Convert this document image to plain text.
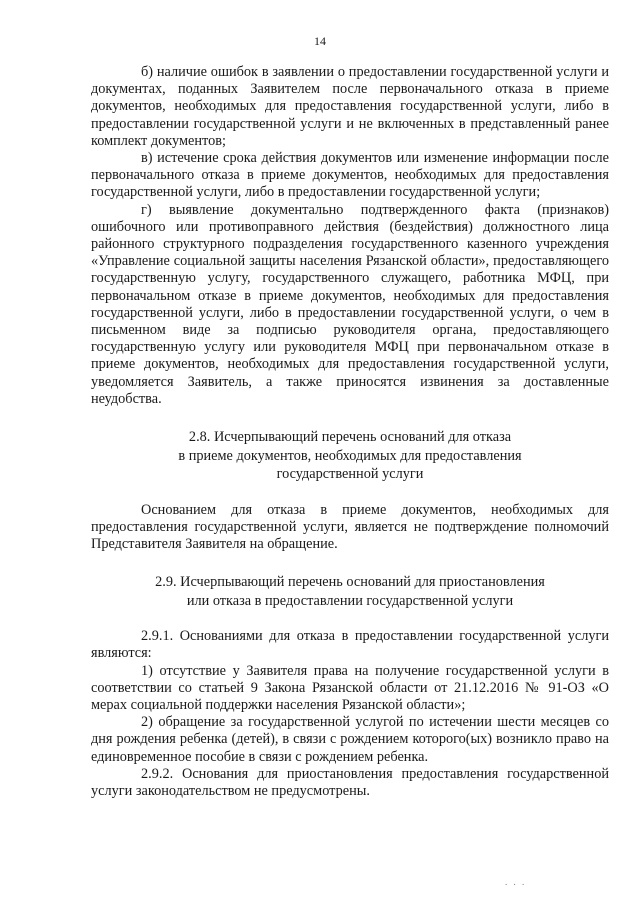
14

б) наличие ошибок в заявлении о предоставлении государственной услуги и документах, поданных Заявителем после первоначального отказа в приеме документов, необходимых для предоставления государственной услуги, либо в предоставлении государственной услуги и не включенных в представленный ранее комплект документов;

в) истечение срока действия документов или изменение информации после первоначального отказа в приеме документов, необходимых для предоставления государственной услуги, либо в предоставлении государственной услуги;

г) выявление документально подтвержденного факта (признаков) ошибочного или противоправного действия (бездействия) должностного лица районного структурного подразделения государственного казенного учреждения «Управление социальной защиты населения Рязанской области», предоставляющего государственную услугу, государственного служащего, работника МФЦ, при первоначальном отказе в приеме документов, необходимых для предоставления государственной услуги, либо в предоставлении государственной услуги, о чем в письменном виде за подписью руководителя органа, предоставляющего государственную услугу или руководителя МФЦ при первоначальном отказе в приеме документов, необходимых для предоставления государственной услуги, уведомляется Заявитель, а также приносятся извинения за доставленные неудобства.

2.8. Исчерпывающий перечень оснований для отказа
в приеме документов, необходимых для предоставления
государственной услуги

Основанием для отказа в приеме документов, необходимых для предоставления государственной услуги, является не подтверждение полномочий Представителя Заявителя на обращение.

2.9. Исчерпывающий перечень оснований для приостановления
или отказа в предоставлении государственной услуги

2.9.1. Основаниями для отказа в предоставлении государственной услуги являются:

1) отсутствие у Заявителя права на получение государственной услуги в соответствии со статьей 9 Закона Рязанской области от 21.12.2016 № 91-ОЗ «О мерах социальной поддержки населения Рязанской области»;

2) обращение за государственной услугой по истечении шести месяцев со дня рождения ребенка (детей), в связи с рождением которого(ых) возникло право на единовременное пособие в связи с рождением ребенка.

2.9.2. Основания для приостановления предоставления государственной услуги законодательством не предусмотрены.

. . .
